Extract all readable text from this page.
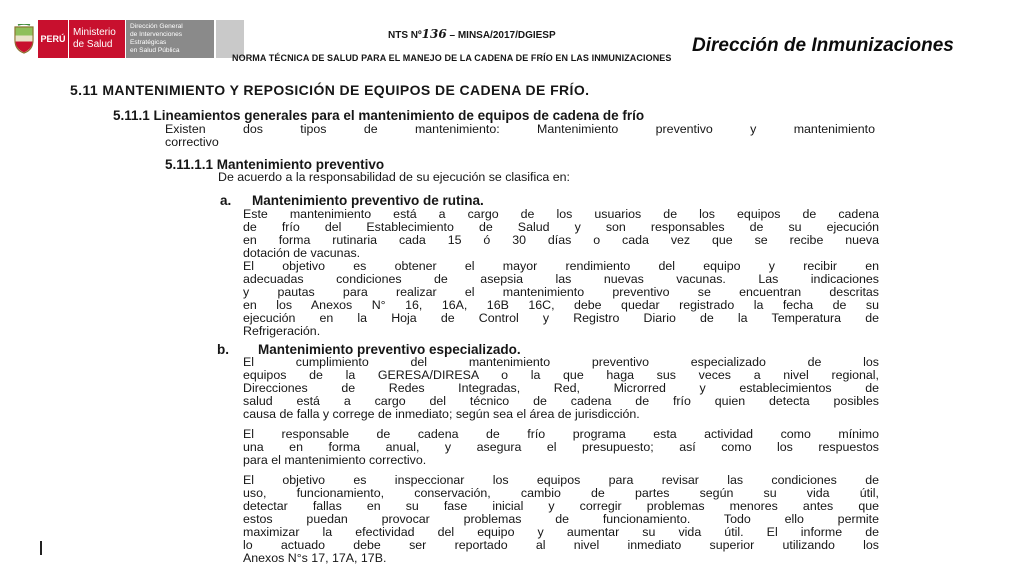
PERÚ
Ministerio
de Salud
Dirección General
de Intervenciones Estratégicas
en Salud Pública
NTS Nº136 – MINSA/2017/DGIESP
NORMA TÉCNICA DE SALUD PARA EL MANEJO DE LA CADENA DE FRÍO EN LAS INMUNIZACIONES
Dirección de Inmunizaciones
5.11 MANTENIMIENTO Y REPOSICIÓN DE EQUIPOS DE CADENA DE FRÍO.
5.11.1 Lineamientos generales para el mantenimiento de equipos de cadena de frío
Existen dos tipos de mantenimiento: Mantenimiento preventivo y mantenimiento
correctivo
5.11.1.1 Mantenimiento preventivo
De acuerdo a la responsabilidad de su ejecución se clasifica en:
a. Mantenimiento preventivo de rutina.
Este mantenimiento está a cargo de los usuarios de los equipos de cadena
de frío del Establecimiento de Salud y son responsables de su ejecución
en forma rutinaria cada 15 ó 30 días o cada vez que se recibe nueva
dotación de vacunas.
El objetivo es obtener el mayor rendimiento del equipo y recibir en
adecuadas condiciones de asepsia las nuevas vacunas. Las indicaciones
y pautas para realizar el mantenimiento preventivo se encuentran descritas
en los Anexos N° 16, 16A, 16B 16C, debe quedar registrado la fecha de su
ejecución en la Hoja de Control y Registro Diario de la Temperatura de
Refrigeración.
b. Mantenimiento preventivo especializado.
El cumplimiento del mantenimiento preventivo especializado de los
equipos de la GERESA/DIRESA o la que haga sus veces a nivel regional,
Direcciones de Redes Integradas, Red, Microrred y establecimientos de
salud está a cargo del técnico de cadena de frío quien detecta posibles
causa de falla y correge de inmediato; según sea el área de jurisdicción.
El responsable de cadena de frío programa esta actividad como mínimo
una en forma anual, y asegura el presupuesto; así como los respuestos
para el mantenimiento correctivo.
El objetivo es inspeccionar los equipos para revisar las condiciones de
uso, funcionamiento, conservación, cambio de partes según su vida útil,
detectar fallas en su fase inicial y corregir problemas menores antes que
estos puedan provocar problemas de funcionamiento. Todo ello permite
maximizar la efectividad del equipo y aumentar su vida útil. El informe de
lo actuado debe ser reportado al nivel inmediato superior utilizando los
Anexos N°s 17, 17A, 17B.
